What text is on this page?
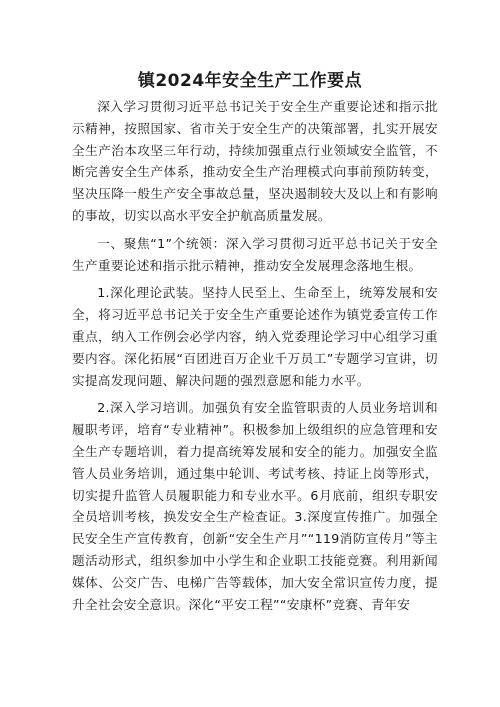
镇2024年安全生产工作要点

深入学习贯彻习近平总书记关于安全生产重要论述和指示批示精神，按照国家、省市关于安全生产的决策部署，扎实开展安全生产治本攻坚三年行动，持续加强重点行业领域安全监管，不断完善安全生产体系，推动安全生产治理模式向事前预防转变，坚决压降一般生产安全事故总量，坚决遏制较大及以上和有影响的事故，切实以高水平安全护航高质量发展。

一、聚焦“1”个统领：深入学习贯彻习近平总书记关于安全生产重要论述和指示批示精神，推动安全发展理念落地生根。

1.深化理论武装。坚持人民至上、生命至上，统筹发展和安全，将习近平总书记关于安全生产重要论述作为镇党委宣传工作重点，纳入工作例会必学内容，纳入党委理论学习中心组学习重要内容。深化拓展“百团进百万企业千万员工”专题学习宣讲，切实提高发现问题、解决问题的强烈意愿和能力水平。

2.深入学习培训。加强负有安全监管职责的人员业务培训和履职考评，培育“专业精神”。积极参加上级组织的应急管理和安全生产专题培训，着力提高统筹发展和安全的能力。加强安全监管人员业务培训，通过集中轮训、考试考核、持证上岗等形式，切实提升监管人员履职能力和专业水平。6月底前，组织专职安全员培训考核，换发安全生产检查证。3.深度宣传推广。加强全民安全生产宣传教育，创新“安全生产月”“119消防宣传月”等主题活动形式，组织参加中小学生和企业职工技能竞赛。利用新闻媒体、公交广告、电梯广告等载体，加大安全常识宣传力度，提升全社会安全意识。深化“平安工程”“安康杯”竞赛、青年安
